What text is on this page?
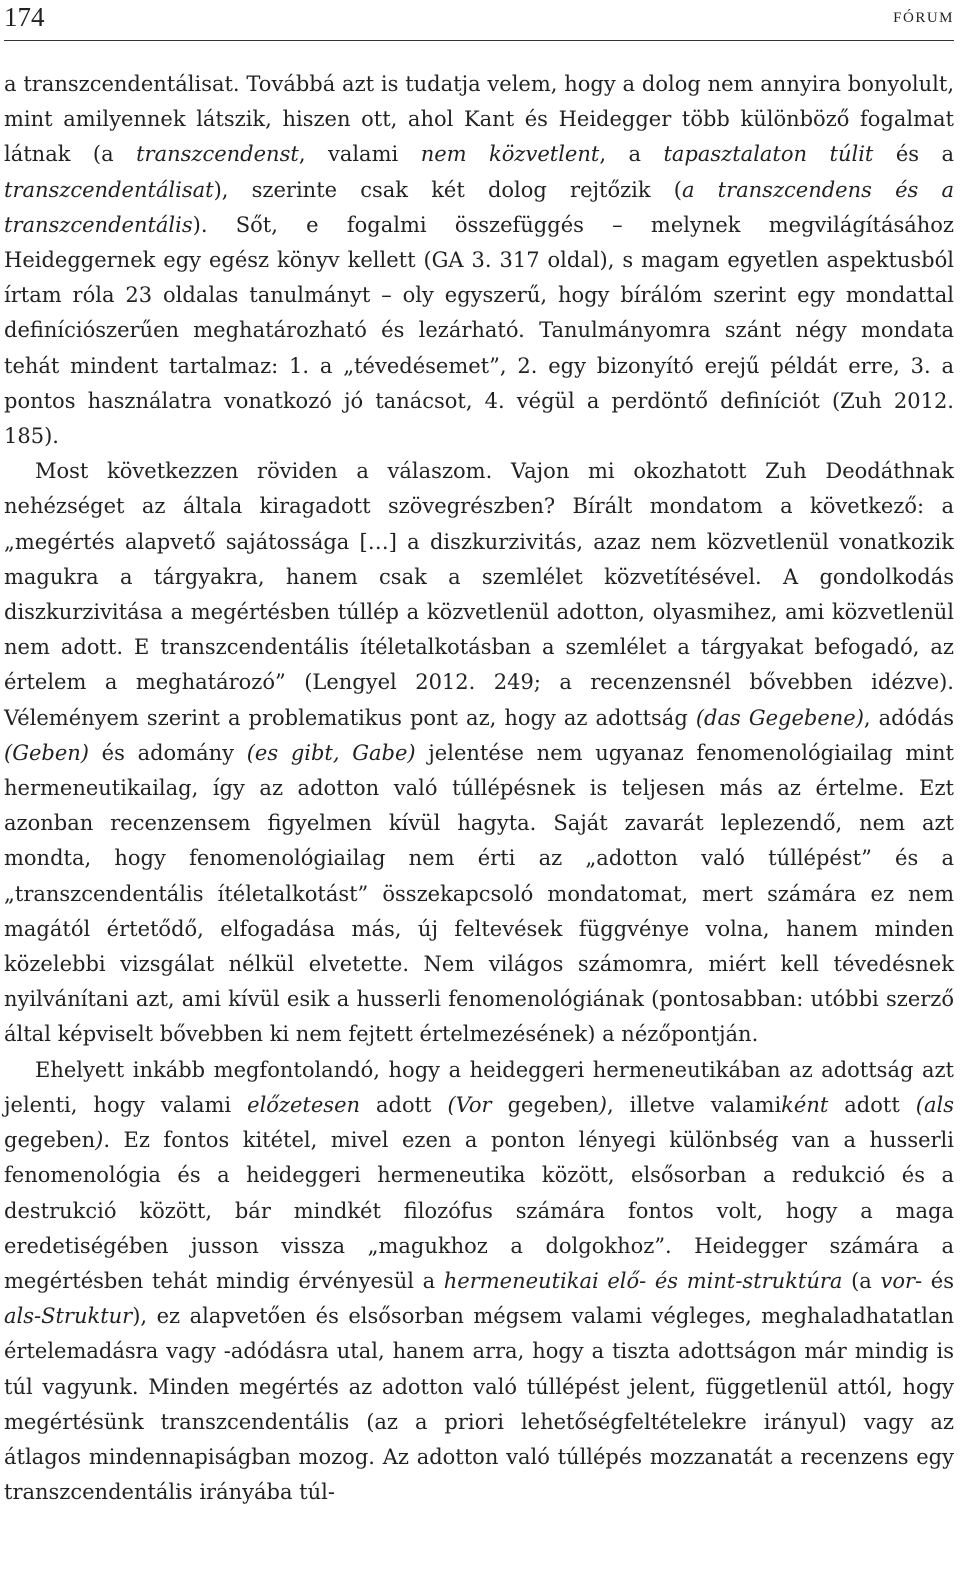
174	FÓRUM

a transzcendentálisat. Továbbá azt is tudatja velem, hogy a dolog nem annyira bonyolult, mint amilyennek látszik, hiszen ott, ahol Kant és Heidegger több különböző fogalmat látnak (a transzcendenst, valami nem közvetlent, a tapasztalaton túlit és a transzcendentálisat), szerinte csak két dolog rejtőzik (a transzcendens és a transzcendentális). Sőt, e fogalmi összefüggés – melynek megvilágításához Heideggernek egy egész könyv kellett (GA 3. 317 oldal), s magam egyetlen aspektusból írtam róla 23 oldalas tanulmányt – oly egyszerű, hogy bírálóm szerint egy mondattal definíciószerűen meghatározható és lezárható. Tanulmányomra szánt négy mondata tehát mindent tartalmaz: 1. a „tévedésemet”, 2. egy bizonyító erejű példát erre, 3. a pontos használatra vonatkozó jó tanácsot, 4. végül a perdöntő definíciót (Zuh 2012. 185).

Most következzen röviden a válaszom. Vajon mi okozhatott Zuh Deodáthnak nehézséget az általa kiragadott szövegrészben? Bírált mondatom a következő: a „megértés alapvető sajátossága […] a diszkurzivitás, azaz nem közvetlenül vonatkozik magukra a tárgyakra, hanem csak a szemlélet közvetítésével. A gondolkodás diszkurzivitása a megértésben túllép a közvetlenül adotton, olyasmihez, ami közvetlenül nem adott. E transzcendentális ítéletalkotásban a szemlélet a tárgyakat befogadó, az értelem a meghatározó” (Lengyel 2012. 249; a recenzensnél bővebben idézve). Véleményem szerint a problematikus pont az, hogy az adottság (das Gegebene), adódás (Geben) és adomány (es gibt, Gabe) jelentése nem ugyanaz fenomenológiailag mint hermeneutikailag, így az adotton való túllépésnek is teljesen más az értelme. Ezt azonban recenzensem figyelmen kívül hagyta. Saját zavarát leplezendő, nem azt mondta, hogy fenomenológiailag nem érti az „adotton való túllépést” és a „transzcendentális ítéletalkotást” összekapcsoló mondatomat, mert számára ez nem magától értetődő, elfogadása más, új feltevések függvénye volna, hanem minden közelebbi vizsgálat nélkül elvetette. Nem világos számomra, miért kell tévedésnek nyilvánítani azt, ami kívül esik a husserli fenomenológiának (pontosabban: utóbbi szerző által képviselt bővebben ki nem fejtett értelmezésének) a nézőpontján.

Ehelyett inkább megfontolandó, hogy a heideggeri hermeneutikában az adottság azt jelenti, hogy valami előzetesen adott (Vor gegeben), illetve valamiként adott (als gegeben). Ez fontos kitétel, mivel ezen a ponton lényegi különbség van a husserli fenomenológia és a heideggeri hermeneutika között, elsősorban a redukció és a destrukció között, bár mindkét filozófus számára fontos volt, hogy a maga eredetiségében jusson vissza „magukhoz a dolgokhoz”. Heidegger számára a megértésben tehát mindig érvényesül a hermeneutikai elő- és mint-struktúra (a vor- és als-Struktur), ez alapvetően és elsősorban mégsem valami végleges, meghaladhatatlan értelemadásra vagy -adódásra utal, hanem arra, hogy a tiszta adottságon már mindig is túl vagyunk. Minden megértés az adotton való túllépést jelent, függetlenül attól, hogy megértésünk transzcendentális (az a priori lehetőségfeltételekre irányul) vagy az átlagos mindennapiságban mozog. Az adotton való túllépés mozzanatát a recenzens egy transzcendentális irányába túl-
